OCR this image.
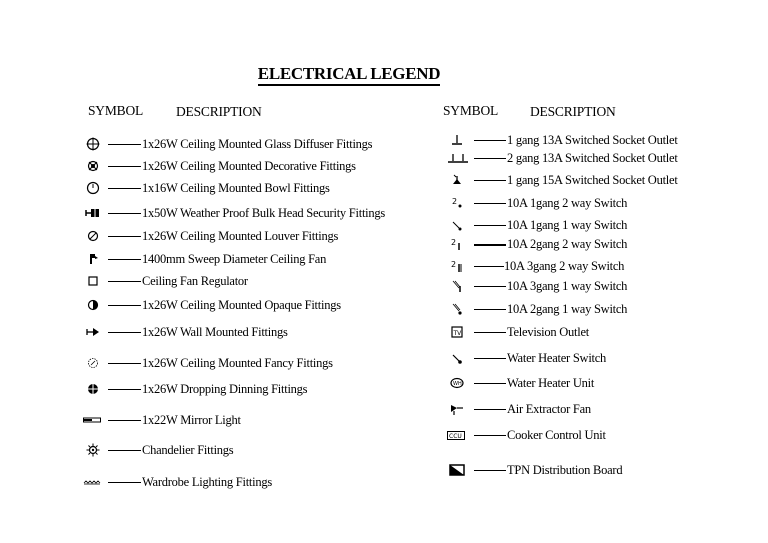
ELECTRICAL LEGEND
SYMBOL DESCRIPTION	SYMBOL DESCRIPTION
1x26W Ceiling Mounted Glass Diffuser Fittings
1x26W Ceiling Mounted Decorative Fittings
1x16W Ceiling Mounted Bowl Fittings
1x50W Weather Proof Bulk Head Security Fittings
1x26W Ceiling Mounted Louver Fittings
1400mm Sweep Diameter Ceiling Fan
Ceiling Fan Regulator
1x26W Ceiling Mounted Opaque Fittings
1x26W Wall Mounted Fittings
1x26W Ceiling Mounted Fancy Fittings
1x26W Dropping Dinning Fittings
1x22W Mirror Light
Chandelier Fittings
Wardrobe Lighting Fittings
1 gang 13A Switched Socket Outlet
2 gang 13A Switched Socket Outlet
1 gang 15A Switched Socket Outlet
2	10A 1gang 2 way Switch
10A 1gang 1 way Switch
2	10A 2gang 2 way Switch
2	10A 3gang 2 way Switch
10A 3gang 1 way Switch
10A 2gang 1 way Switch
TV	Television Outlet
Water Heater Switch
WH	Water Heater Unit
Air Extractor Fan
CCU	Cooker Control Unit
TPN Distribution Board
